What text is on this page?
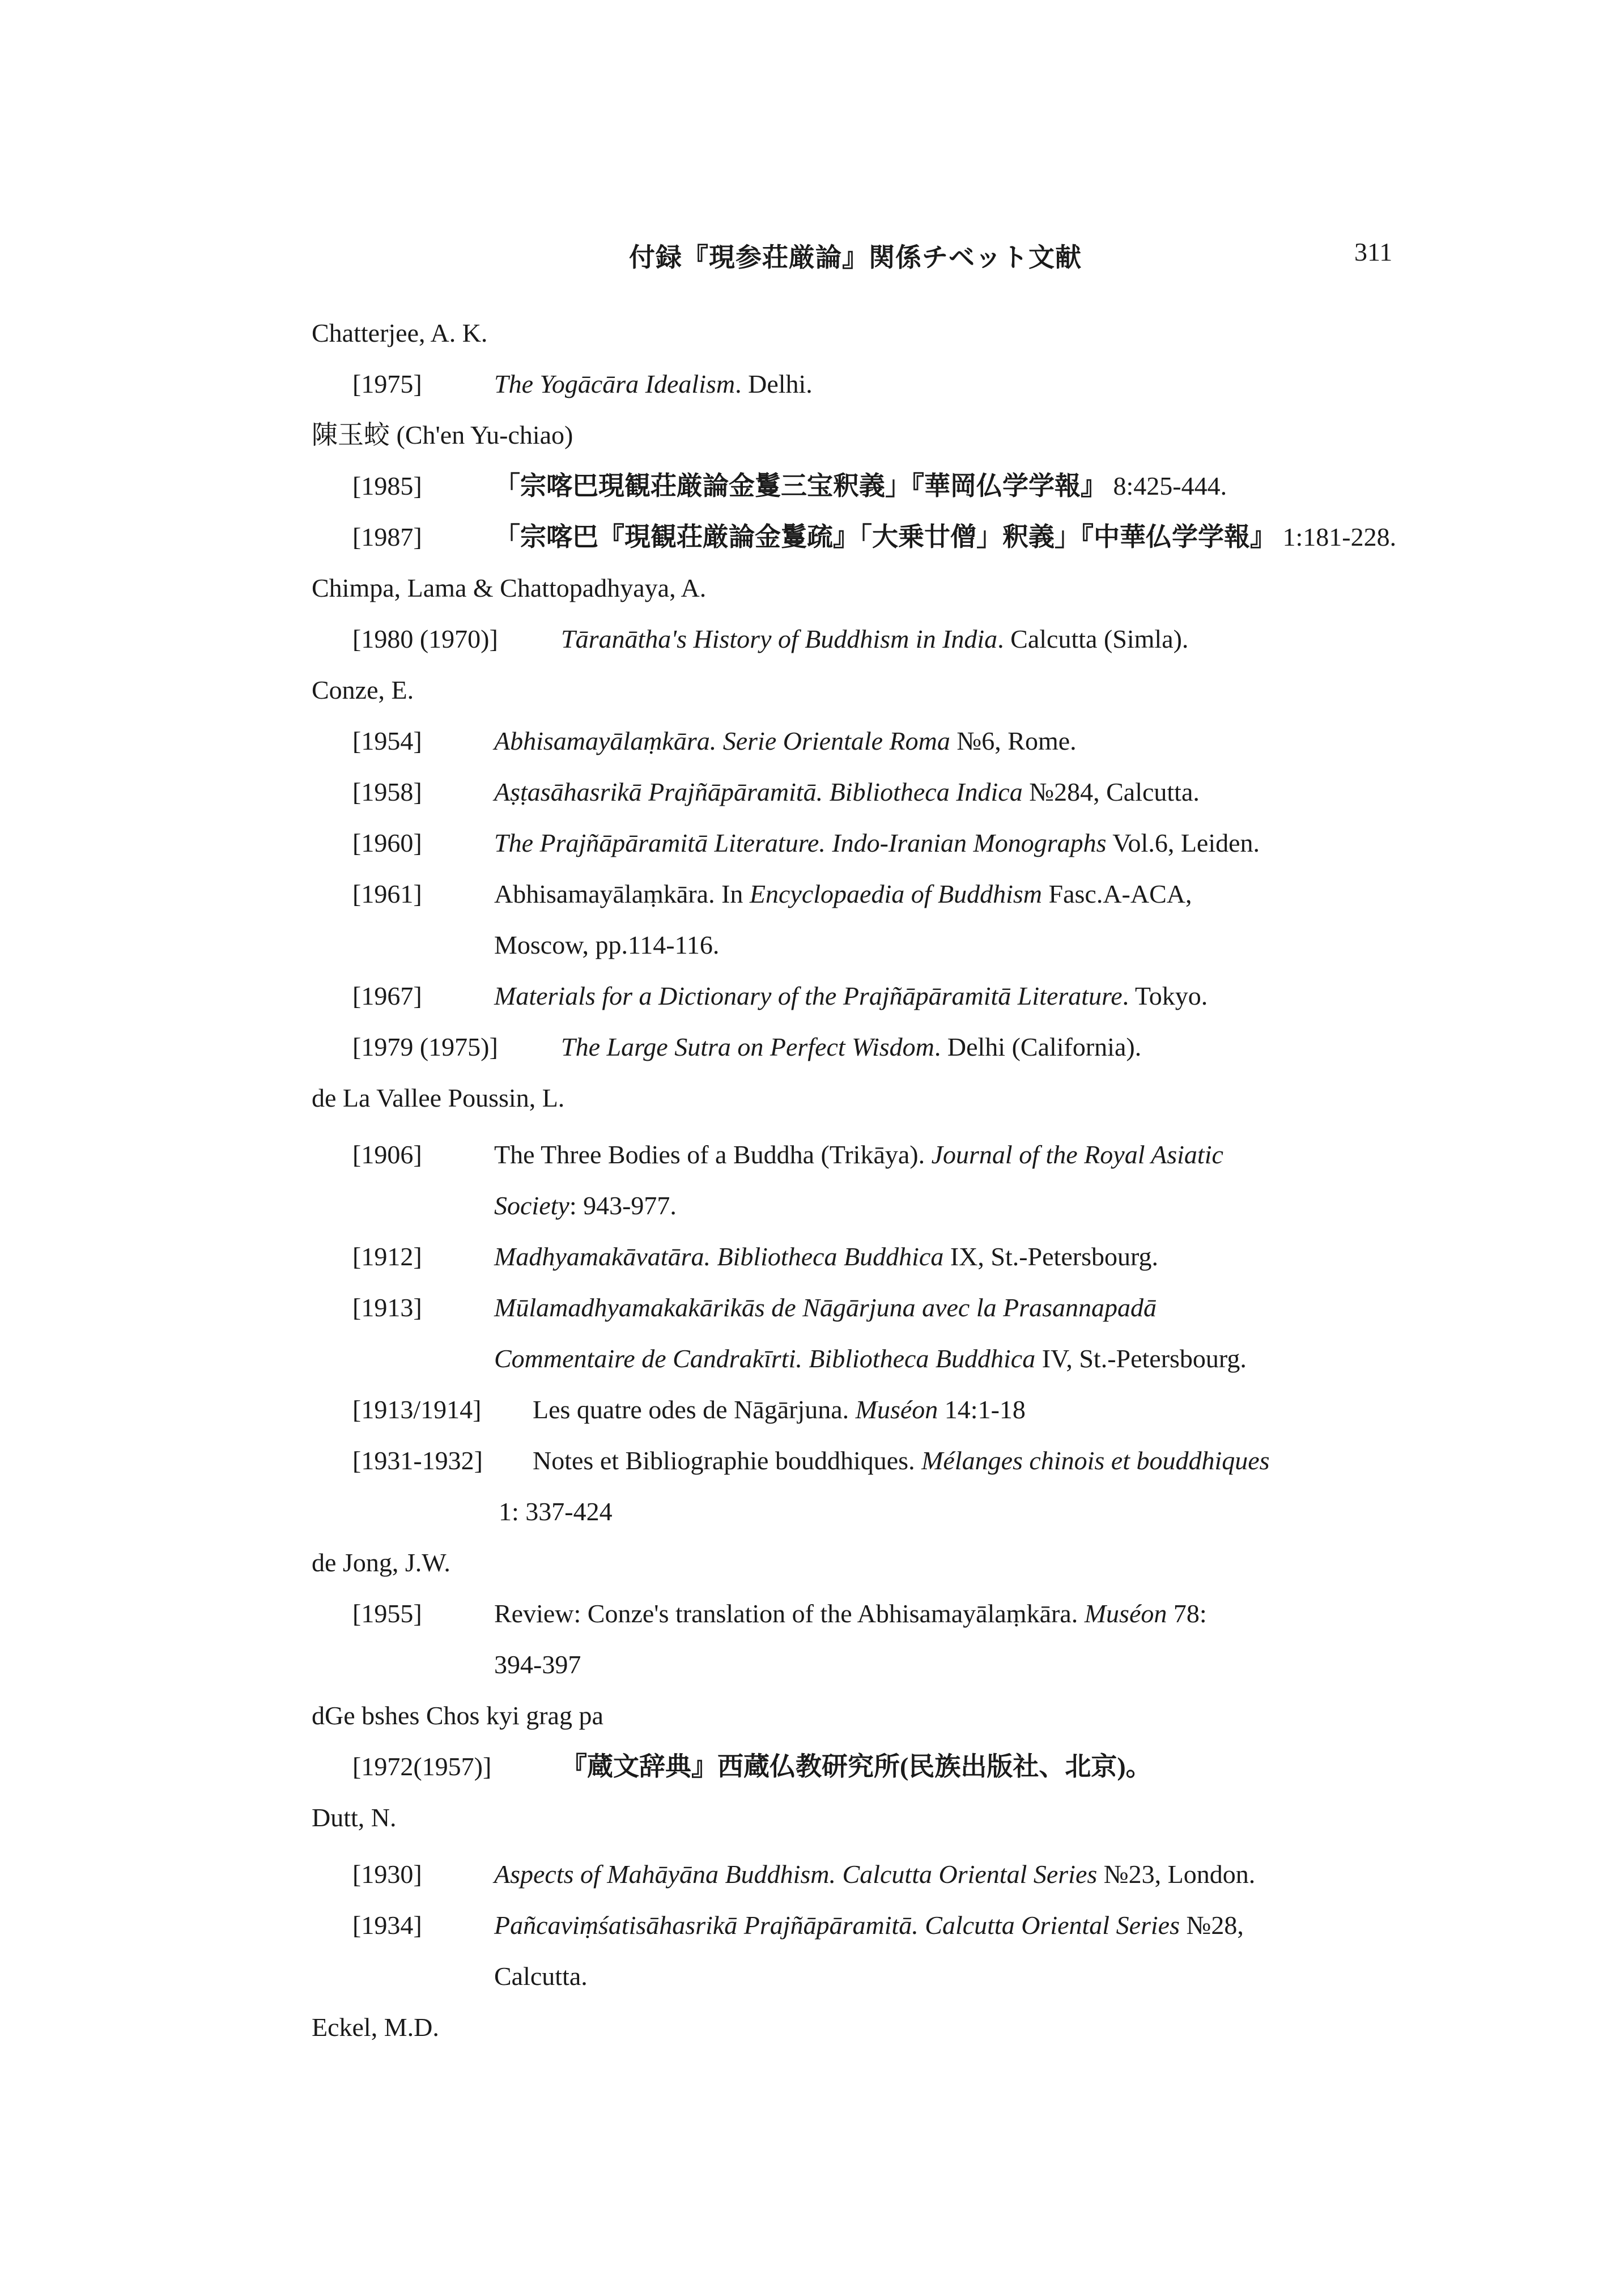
付録『現参荘厳論』関係チベット文献	311
Chatterjee, A. K.
[1975]	The Yogācāra Idealism. Delhi.
陳玉蛟 (Ch'en Yu-chiao)
[1985]	「宗喀巴現観荘厳論金鬘三宝釈義」『華岡仏学学報』 8:425-444.
[1987]	「宗喀巴『現観荘厳論金鬘疏』「大乗廿僧」釈義」『中華仏学学報』 1:181-228.
Chimpa, Lama & Chattopadhyaya, A.
[1980 (1970)] Tāranātha's History of Buddhism in India. Calcutta (Simla).
Conze, E.
[1954]	Abhisamayālaṃkāra. Serie Orientale Roma №6, Rome.
[1958]	Aṣṭasāhasrikā Prajñāpāramitā. Bibliotheca Indica №284, Calcutta.
[1960]	The Prajñāpāramitā Literature. Indo-Iranian Monographs Vol.6, Leiden.
[1961]	Abhisamayālaṃkāra. In Encyclopaedia of Buddhism Fasc.A-ACA,
Moscow, pp.114-116.
[1967]	Materials for a Dictionary of the Prajñāpāramitā Literature. Tokyo.
[1979 (1975)] The Large Sutra on Perfect Wisdom. Delhi (California).
de La Vallee Poussin, L.
[1906]	The Three Bodies of a Buddha (Trikāya). Journal of the Royal Asiatic
Society: 943-977.
[1912]	Madhyamakāvatāra. Bibliotheca Buddhica IX, St.-Petersbourg.
[1913]	Mūlamadhyamakakārikās de Nāgārjuna avec la Prasannapadā
Commentaire de Candrakīrti. Bibliotheca Buddhica IV, St.-Petersbourg.
[1913/1914] Les quatre odes de Nāgārjuna. Muséon 14:1-18
[1931-1932] Notes et Bibliographie bouddhiques. Mélanges chinois et bouddhiques
1: 337-424
de Jong, J.W.
[1955]	Review: Conze's translation of the Abhisamayālaṃkāra. Muséon 78:
394-397
dGe bshes Chos kyi grag pa
[1972(1957)]	『蔵文辞典』西蔵仏教研究所(民族出版社、北京)。
Dutt, N.
[1930]	Aspects of Mahāyāna Buddhism. Calcutta Oriental Series №23, London.
[1934]	Pañcaviṃśatisāhasrikā Prajñāpāramitā. Calcutta Oriental Series №28,
Calcutta.
Eckel, M.D.
